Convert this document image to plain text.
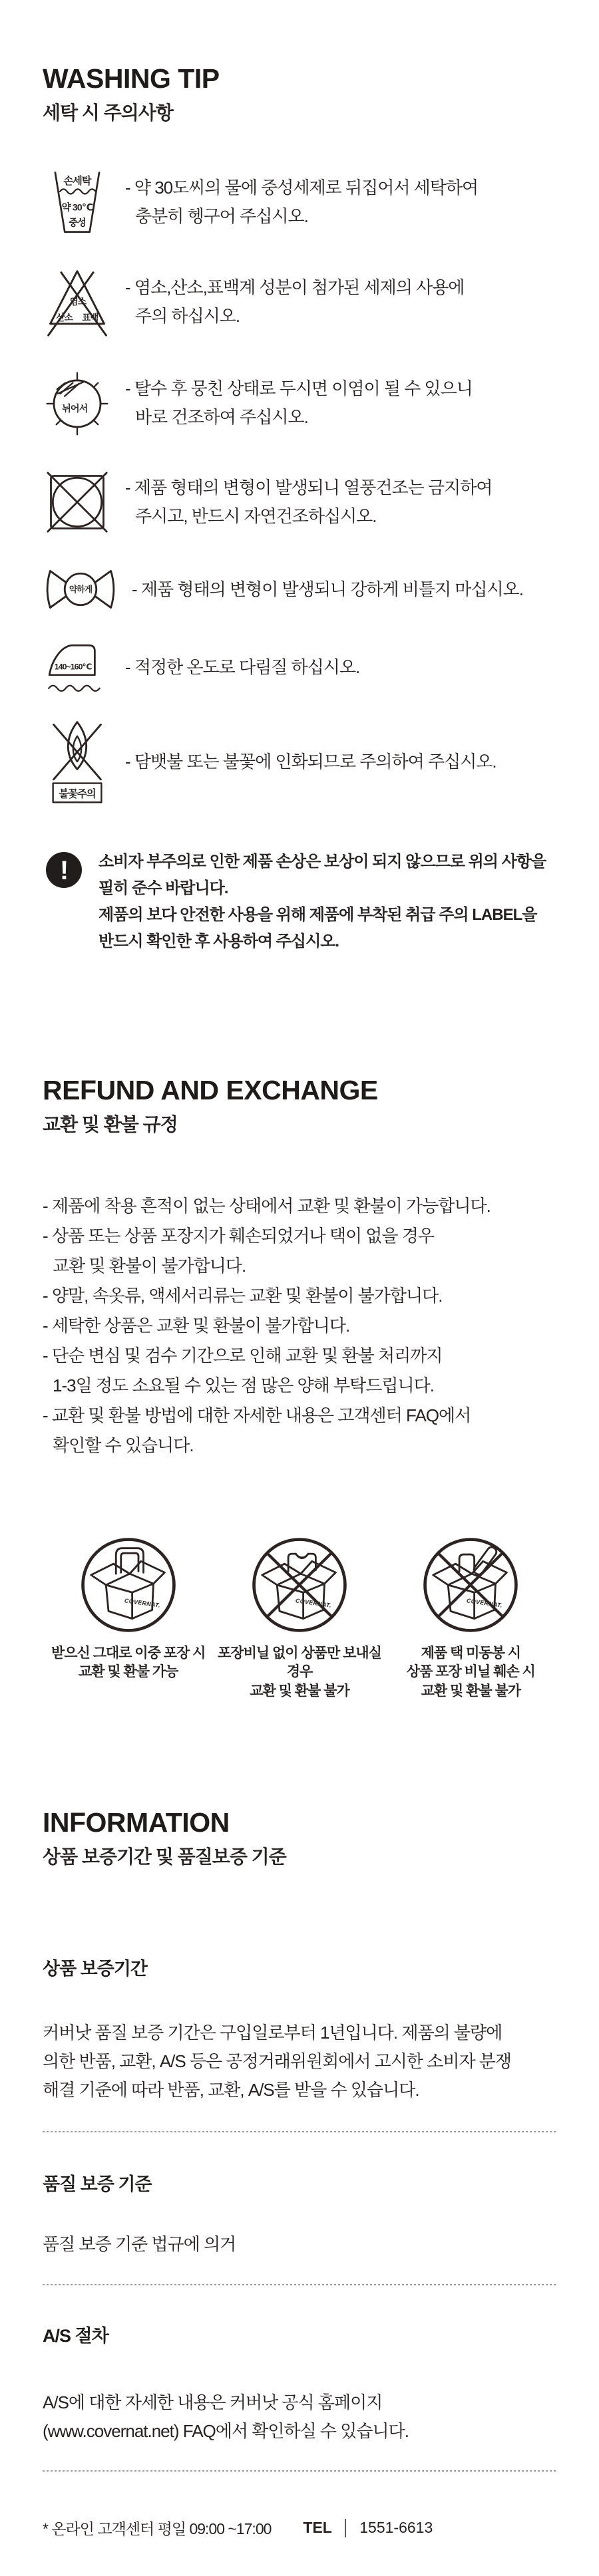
WASHING TIP
세탁 시 주의사항
손세탁
약 30℃
중성
- 약 30도씨의 물에 중성세제로 뒤집어서 세탁하여
충분히 헹구어 주십시오.
염소
산소 표백
- 염소,산소,표백계 성분이 첨가된 세제의 사용에
주의 하십시오.
뉘어서
- 탈수 후 뭉친 상태로 두시면 이염이 될 수 있으니
바로 건조하여 주십시오.
- 제품 형태의 변형이 발생되니 열풍건조는 금지하여
주시고, 반드시 자연건조하십시오.
약하게 - 제품 형태의 변형이 발생되니 강하게 비틀지 마십시오.
140~160℃ - 적정한 온도로 다림질 하십시오.
불꽃주의
- 담뱃불 또는 불꽃에 인화되므로 주의하여 주십시오.
! 소비자 부주의로 인한 제품 손상은 보상이 되지 않으므로 위의 사항을
필히 준수 바랍니다.
제품의 보다 안전한 사용을 위해 제품에 부착된 취급 주의 LABEL을
반드시 확인한 후 사용하여 주십시오.

REFUND AND EXCHANGE
교환 및 환불 규정

- 제품에 착용 흔적이 없는 상태에서 교환 및 환불이 가능합니다.

- 상품 또는 상품 포장지가 훼손되었거나 택이 없을 경우
교환 및 환불이 불가합니다.

- 양말, 속옷류, 액세서리류는 교환 및 환불이 불가합니다.

- 세탁한 상품은 교환 및 환불이 불가합니다.

- 단순 변심 및 검수 기간으로 인해 교환 및 환불 처리까지
1-3일 정도 소요될 수 있는 점 많은 양해 부탁드립니다.

- 교환 및 환불 방법에 대한 자세한 내용은 고객센터 FAQ에서
확인할 수 있습니다.

COVERNAT.
받으신 그대로 이중 포장 시
교환 및 환불 가능
COVERNAT.
포장비닐 없이 상품만 보내실 경우
교환 및 환불 불가
COVERNAT.
제품 택 미동봉 시
상품 포장 비닐 훼손 시
교환 및 환불 불가
INFORMATION
상품 보증기간 및 품질보증 기준
상품 보증기간

커버낫 품질 보증 기간은 구입일로부터 1년입니다. 제품의 불량에
의한 반품, 교환, A/S 등은 공정거래위원회에서 고시한 소비자 분쟁
해결 기준에 따라 반품, 교환, A/S를 받을 수 있습니다.

품질 보증 기준

품질 보증 기준 법규에 의거

A/S 절차

A/S에 대한 자세한 내용은 커버낫 공식 홈페이지
(www.covernat.net) FAQ에서 확인하실 수 있습니다.

* 온라인 고객센터 평일 09:00 ~17:00 TEL │ 1551-6613
